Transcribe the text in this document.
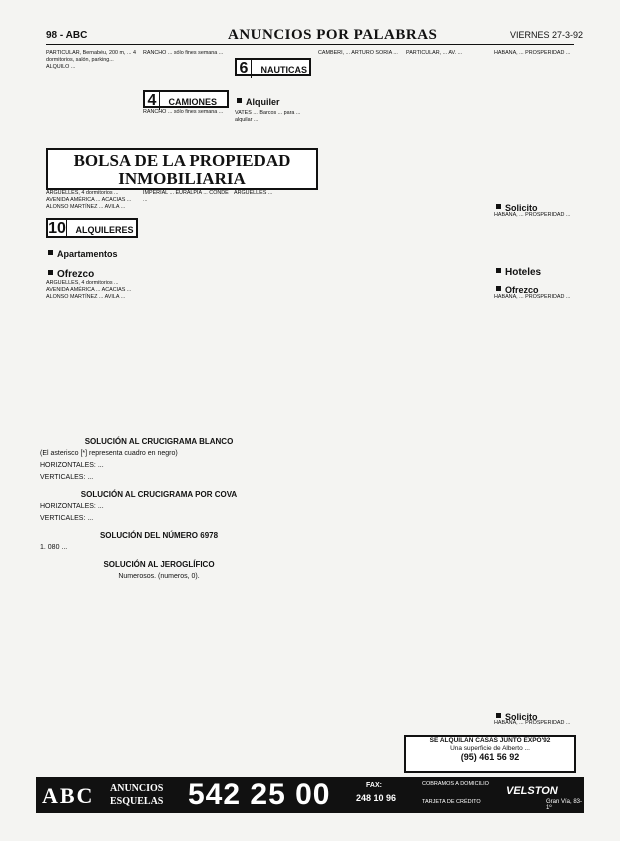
98 - ABC	ANUNCIOS POR PALABRAS	VIERNES 27-3-92

PARTICULAR, Bernabéu, 200 m, ... 4 dormitorios, salón, parking... ALQUILO ...

RANCHO ... sólo fines semana ...

4 CAMIONES

RANCHO ... sólo fines semana ...

6 NAUTICAS
Alquiler

VATES ... Barcos ... para ... alquilar ...

BOLSA DE LA PROPIEDAD INMOBILIARIA

ARGUELLES, 4 dormitorios ... AVENIDA AMÉRICA ... ACACIAS ... ALONSO MARTÍNEZ ... AVILA ...

10 ALQUILERES
Apartamentos
Ofrezco

ARGUELLES, 4 dormitorios ... AVENIDA AMÉRICA ... ACACIAS ... ALONSO MARTÍNEZ ... AVILA ...

IMPERIAL ... EURALPIA ... CONDE ...

ARGUELLES ...

SOLUCIÓN AL CRUCIGRAMA BLANCO

(El asterisco [*] representa cuadro en negro)

HORIZONTALES: ...

VERTICALES: ...

SOLUCIÓN AL CRUCIGRAMA POR COVA

HORIZONTALES: ...

VERTICALES: ...

SOLUCIÓN DEL NÚMERO 6978

1. 080 ...

SOLUCIÓN AL JEROGLÍFICO

Numerosos. (numeros, 0).

CAMBERI, ... ARTURO SORIA ...	PARTICULAR, ... AV. ...	HABANA, ... PROSPERIDAD ...

Solicito

HABANA, ... PROSPERIDAD ...

Hoteles
Ofrezco

HABANA, ... PROSPERIDAD ...

Solicito

HABANA, ... PROSPERIDAD ...

SE ALQUILAN CASAS JUNTO EXPO'92
Una superficie de Alberto ...
(95) 461 56 92
ABC ANUNCIOS
ESQUELAS 542 25 00	FAX:
248 10 96
COBRAMOS A DOMICILIO
TARJETA DE CRÉDITO
VELSTON
Gran Vía, 83-1º
